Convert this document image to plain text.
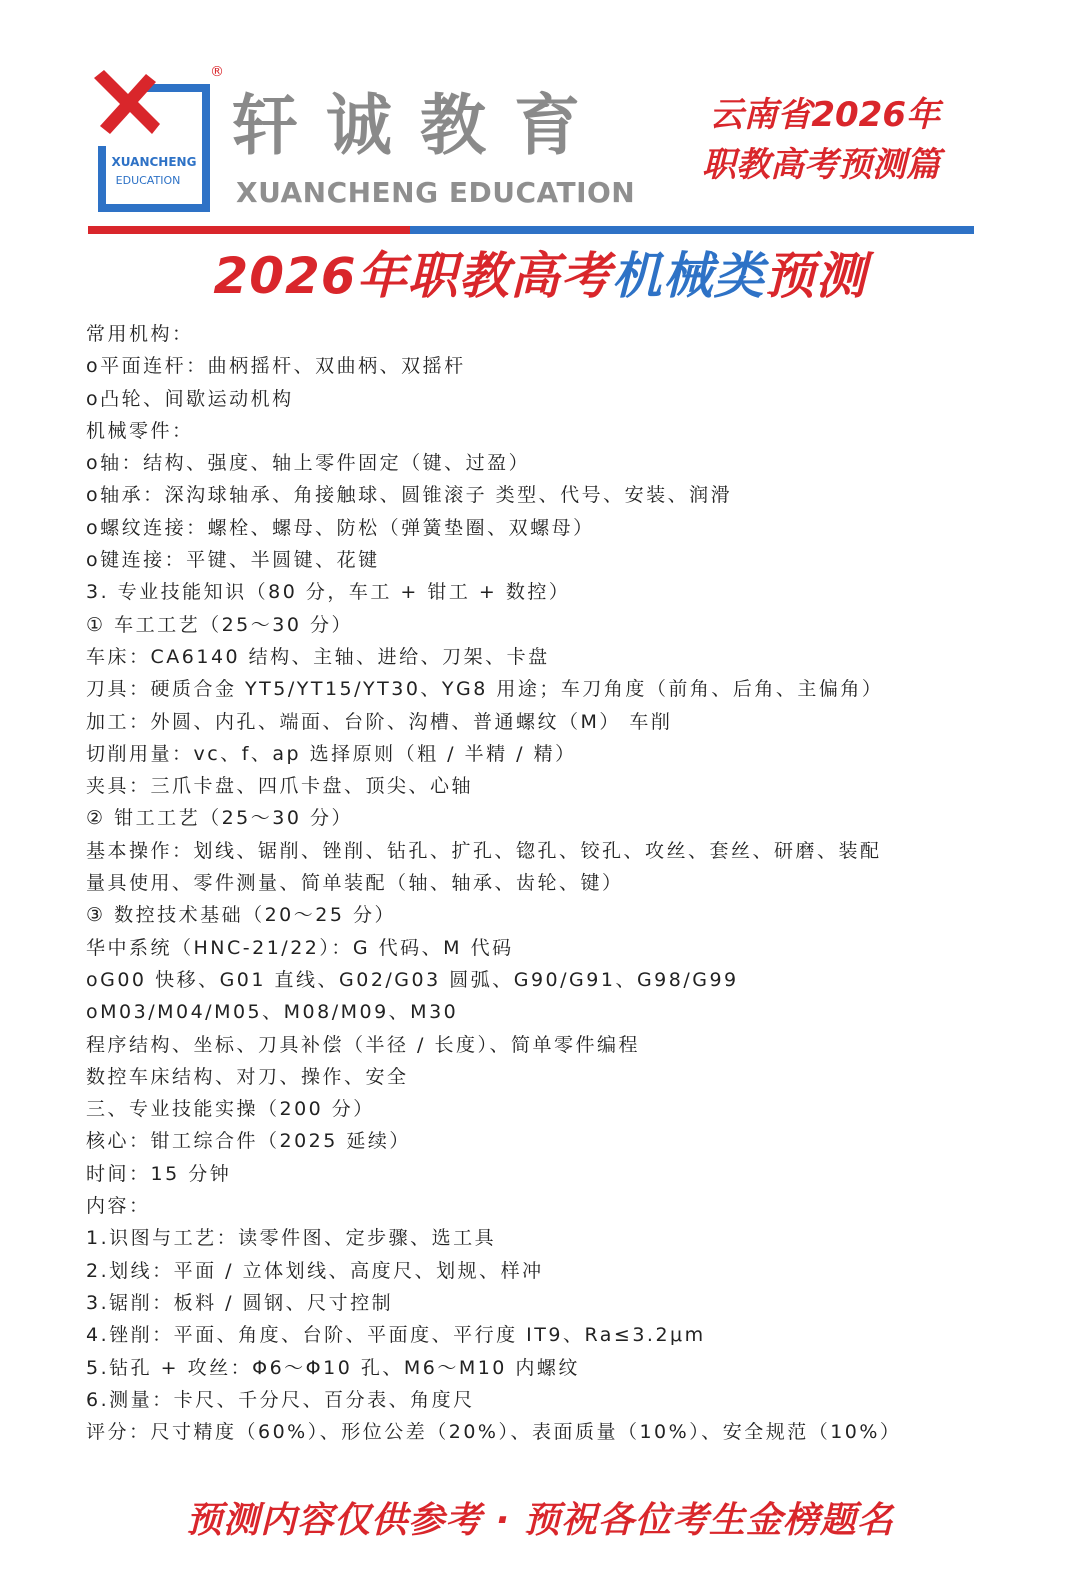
XUANCHENG
EDUCATION
®
轩诚教育
XUANCHENG EDUCATION
云南省2026年
职教高考预测篇
2026年职教高考机械类预测
常用机构：
o平面连杆：曲柄摇杆、双曲柄、双摇杆
o凸轮、间歇运动机构
机械零件：
o轴：结构、强度、轴上零件固定（键、过盈）
o轴承：深沟球轴承、角接触球、圆锥滚子 类型、代号、安装、润滑
o螺纹连接：螺栓、螺母、防松（弹簧垫圈、双螺母）
o键连接：平键、半圆键、花键
3. 专业技能知识（80 分，车工 + 钳工 + 数控）
① 车工工艺（25～30 分）
车床：CA6140 结构、主轴、进给、刀架、卡盘
刀具：硬质合金 YT5/YT15/YT30、YG8 用途；车刀角度（前角、后角、主偏角）
加工：外圆、内孔、端面、台阶、沟槽、普通螺纹（M） 车削
切削用量：vc、f、ap 选择原则（粗 / 半精 / 精）
夹具：三爪卡盘、四爪卡盘、顶尖、心轴
② 钳工工艺（25～30 分）
基本操作：划线、锯削、锉削、钻孔、扩孔、锪孔、铰孔、攻丝、套丝、研磨、装配
量具使用、零件测量、简单装配（轴、轴承、齿轮、键）
③ 数控技术基础（20～25 分）
华中系统（HNC-21/22）：G 代码、M 代码
oG00 快移、G01 直线、G02/G03 圆弧、G90/G91、G98/G99
oM03/M04/M05、M08/M09、M30
程序结构、坐标、刀具补偿（半径 / 长度）、简单零件编程
数控车床结构、对刀、操作、安全
三、专业技能实操（200 分）
核心：钳工综合件（2025 延续）
时间：15 分钟
内容：
1.识图与工艺：读零件图、定步骤、选工具
2.划线：平面 / 立体划线、高度尺、划规、样冲
3.锯削：板料 / 圆钢、尺寸控制
4.锉削：平面、角度、台阶、平面度、平行度 IT9、Ra≤3.2μm
5.钻孔 + 攻丝：Φ6～Φ10 孔、M6～M10 内螺纹
6.测量：卡尺、千分尺、百分表、角度尺
评分：尺寸精度（60%）、形位公差（20%）、表面质量（10%）、安全规范（10%）
预测内容仅供参考 · 预祝各位考生金榜题名
